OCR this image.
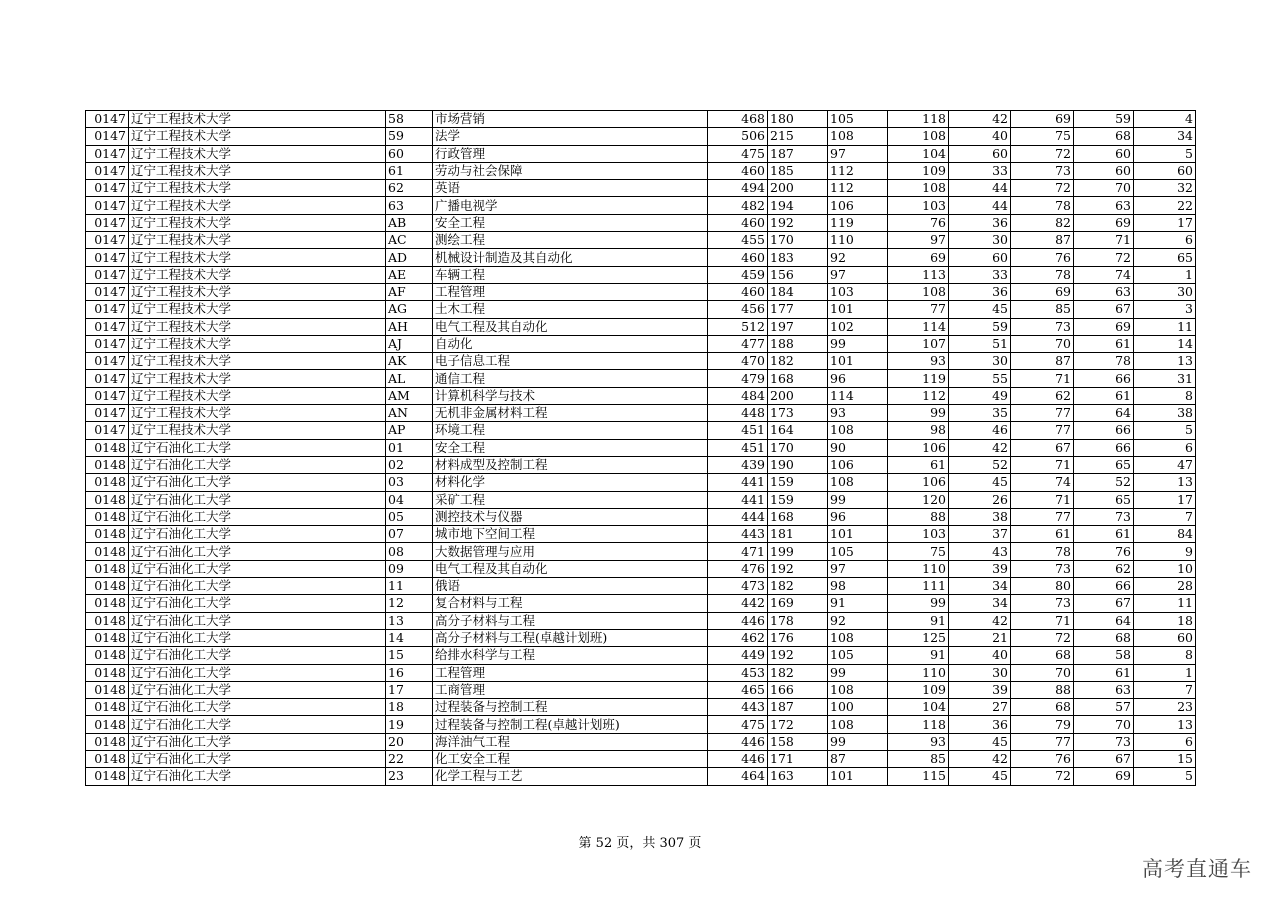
0147	辽宁工程技术大学	58	市场营销	468	180	105	118	42	69	59	4
0147	辽宁工程技术大学	59	法学	506	215	108	108	40	75	68	34
0147	辽宁工程技术大学	60	行政管理	475	187	97	104	60	72	60	5
0147	辽宁工程技术大学	61	劳动与社会保障	460	185	112	109	33	73	60	60
0147	辽宁工程技术大学	62	英语	494	200	112	108	44	72	70	32
0147	辽宁工程技术大学	63	广播电视学	482	194	106	103	44	78	63	22
0147	辽宁工程技术大学	AB	安全工程	460	192	119	76	36	82	69	17
0147	辽宁工程技术大学	AC	测绘工程	455	170	110	97	30	87	71	6
0147	辽宁工程技术大学	AD	机械设计制造及其自动化	460	183	92	69	60	76	72	65
0147	辽宁工程技术大学	AE	车辆工程	459	156	97	113	33	78	74	1
0147	辽宁工程技术大学	AF	工程管理	460	184	103	108	36	69	63	30
0147	辽宁工程技术大学	AG	土木工程	456	177	101	77	45	85	67	3
0147	辽宁工程技术大学	AH	电气工程及其自动化	512	197	102	114	59	73	69	11
0147	辽宁工程技术大学	AJ	自动化	477	188	99	107	51	70	61	14
0147	辽宁工程技术大学	AK	电子信息工程	470	182	101	93	30	87	78	13
0147	辽宁工程技术大学	AL	通信工程	479	168	96	119	55	71	66	31
0147	辽宁工程技术大学	AM	计算机科学与技术	484	200	114	112	49	62	61	8
0147	辽宁工程技术大学	AN	无机非金属材料工程	448	173	93	99	35	77	64	38
0147	辽宁工程技术大学	AP	环境工程	451	164	108	98	46	77	66	5
0148	辽宁石油化工大学	01	安全工程	451	170	90	106	42	67	66	6
0148	辽宁石油化工大学	02	材料成型及控制工程	439	190	106	61	52	71	65	47
0148	辽宁石油化工大学	03	材料化学	441	159	108	106	45	74	52	13
0148	辽宁石油化工大学	04	采矿工程	441	159	99	120	26	71	65	17
0148	辽宁石油化工大学	05	测控技术与仪器	444	168	96	88	38	77	73	7
0148	辽宁石油化工大学	07	城市地下空间工程	443	181	101	103	37	61	61	84
0148	辽宁石油化工大学	08	大数据管理与应用	471	199	105	75	43	78	76	9
0148	辽宁石油化工大学	09	电气工程及其自动化	476	192	97	110	39	73	62	10
0148	辽宁石油化工大学	11	俄语	473	182	98	111	34	80	66	28
0148	辽宁石油化工大学	12	复合材料与工程	442	169	91	99	34	73	67	11
0148	辽宁石油化工大学	13	高分子材料与工程	446	178	92	91	42	71	64	18
0148	辽宁石油化工大学	14	高分子材料与工程(卓越计划班)	462	176	108	125	21	72	68	60
0148	辽宁石油化工大学	15	给排水科学与工程	449	192	105	91	40	68	58	8
0148	辽宁石油化工大学	16	工程管理	453	182	99	110	30	70	61	1
0148	辽宁石油化工大学	17	工商管理	465	166	108	109	39	88	63	7
0148	辽宁石油化工大学	18	过程装备与控制工程	443	187	100	104	27	68	57	23
0148	辽宁石油化工大学	19	过程装备与控制工程(卓越计划班)	475	172	108	118	36	79	70	13
0148	辽宁石油化工大学	20	海洋油气工程	446	158	99	93	45	77	73	6
0148	辽宁石油化工大学	22	化工安全工程	446	171	87	85	42	76	67	15
0148	辽宁石油化工大学	23	化学工程与工艺	464	163	101	115	45	72	69	5
第 52 页，共 307 页
高考直通车
